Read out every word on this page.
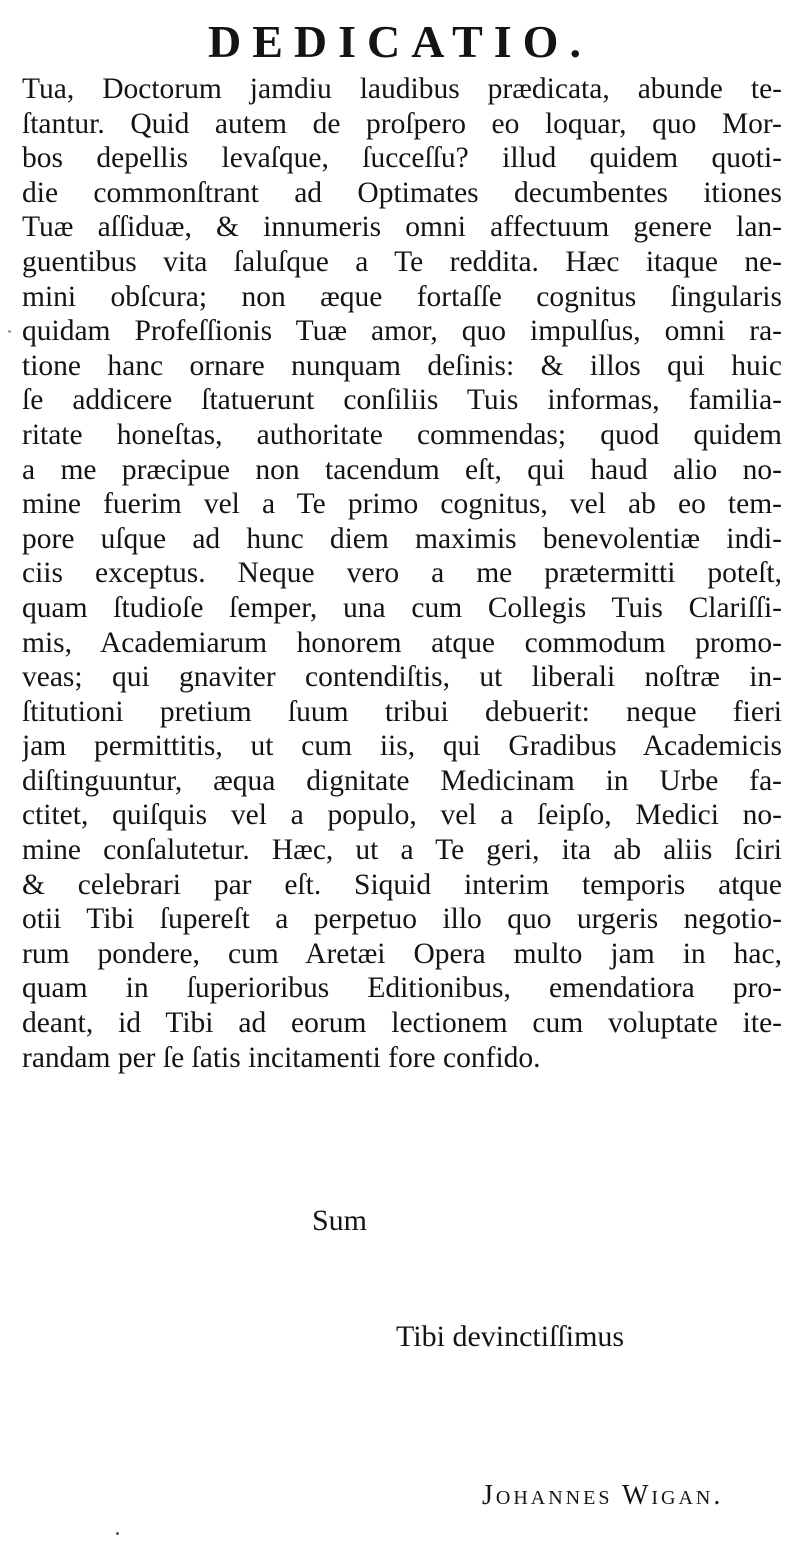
DEDICATIO.
Tua, Doctorum jamdiu laudibus prædicata, abunde te-
ſtantur. Quid autem de proſpero eo loquar, quo Mor-
bos depellis levaſque, ſucceſſu? illud quidem quoti-
die commonſtrant ad Optimates decumbentes itiones
Tuæ aſſiduæ, & innumeris omni affectuum genere lan-
guentibus vita ſaluſque a Te reddita. Hæc itaque ne-
mini obſcura; non æque fortaſſe cognitus ſingularis
quidam Profeſſionis Tuæ amor, quo impulſus, omni ra-
tione hanc ornare nunquam deſinis: & illos qui huic
ſe addicere ſtatuerunt conſiliis Tuis informas, familia-
ritate honeſtas, authoritate commendas; quod quidem
a me præcipue non tacendum eſt, qui haud alio no-
mine fuerim vel a Te primo cognitus, vel ab eo tem-
pore uſque ad hunc diem maximis benevolentiæ indi-
ciis exceptus. Neque vero a me prætermitti poteſt,
quam ſtudioſe ſemper, una cum Collegis Tuis Clariſſi-
mis, Academiarum honorem atque commodum promo-
veas; qui gnaviter contendiſtis, ut liberali noſtræ in-
ſtitutioni pretium ſuum tribui debuerit: neque fieri
jam permittitis, ut cum iis, qui Gradibus Academicis
diſtinguuntur, æqua dignitate Medicinam in Urbe fa-
ctitet, quiſquis vel a populo, vel a ſeipſo, Medici no-
mine conſalutetur. Hæc, ut a Te geri, ita ab aliis ſciri
& celebrari par eſt. Siquid interim temporis atque
otii Tibi ſupereſt a perpetuo illo quo urgeris negotio-
rum pondere, cum Aretæi Opera multo jam in hac,
quam in ſuperioribus Editionibus, emendatiora pro-
deant, id Tibi ad eorum lectionem cum voluptate ite-
randam per ſe ſatis incitamenti fore confido.
Sum
Tibi devinctiſſimus
Johannes Wigan.
